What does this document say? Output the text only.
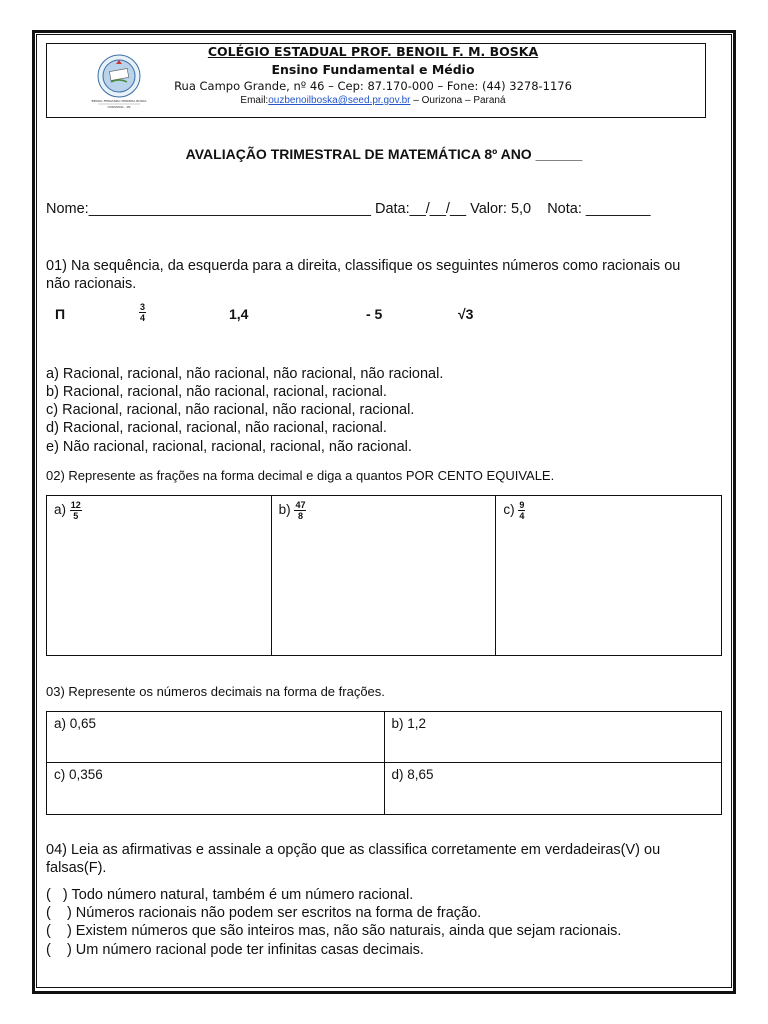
BENOIL FERNANDO MOREIRA BOSKA
OURIZONA - PR
COLÉGIO ESTADUAL PROF. BENOIL F. M. BOSKA
Ensino Fundamental e Médio
Rua Campo Grande, nº 46 – Cep: 87.170-000 – Fone: (44) 3278-1176
Email:ouzbenoilboska@seed.pr.gov.br – Ourizona – Paraná
AVALIAÇÃO TRIMESTRAL DE MATEMÁTICA 8º ANO ______
Nome:___________________________________ Data:__/__/__ Valor: 5,0    Nota: ________
01) Na sequência, da esquerda para a direita, classifique os seguintes números como racionais ou
não racionais.
Π	$\frac{3}{4}$	1,4	- 5	√3
a) Racional, racional, não racional, não racional, não racional.
b) Racional, racional, não racional, racional, racional.
c) Racional, racional, não racional, não racional, racional.
d) Racional, racional, racional, não racional, racional.
e) Não racional, racional, racional, racional, não racional.
02) Represente as frações na forma decimal e diga a quantos POR CENTO EQUIVALE.
$a) \frac{12}{5}$	$b) \frac{47}{8}$	$c) \frac{9}{4}$
03) Represente os números decimais na forma de frações.
a) 0,65	b) 1,2
c) 0,356	d) 8,65
04) Leia as afirmativas e assinale a opção que as classifica corretamente em verdadeiras(V) ou
falsas(F).
(   ) Todo número natural, também é um número racional.
(    ) Números racionais não podem ser escritos na forma de fração.
(    ) Existem números que são inteiros mas, não são naturais, ainda que sejam racionais.
(    ) Um número racional pode ter infinitas casas decimais.
